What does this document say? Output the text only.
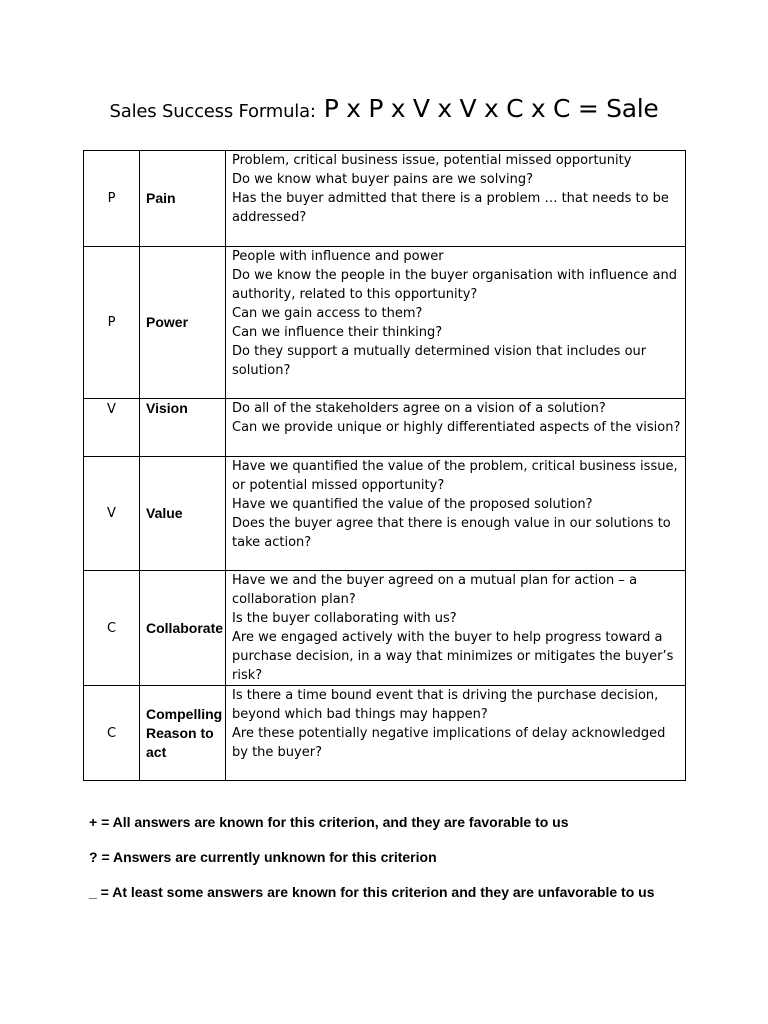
Sales Success Formula: P x P x V x V x C x C = Sale
P	Pain	Problem, critical business issue, potential missed opportunity
Do we know what buyer pains are we solving?
Has the buyer admitted that there is a problem … that needs to be addressed?

P	Power	People with influence and power
Do we know the people in the buyer organisation with influence and authority, related to this opportunity?
Can we gain access to them?
Can we influence their thinking?
Do they support a mutually determined vision that includes our solution?

V	Vision	Do all of the stakeholders agree on a vision of a solution?
Can we provide unique or highly differentiated aspects of the vision?

V	Value	Have we quantified the value of the problem, critical business issue, or potential missed opportunity?
Have we quantified the value of the proposed solution?
Does the buyer agree that there is enough value in our solutions to take action?

C	Collaborate	Have we and the buyer agreed on a mutual plan for action – a collaboration plan?
Is the buyer collaborating with us?
Are we engaged actively with the buyer to help progress toward a purchase decision, in a way that minimizes or mitigates the buyer’s risk?

C	Compelling Reason to act	Is there a time bound event that is driving the purchase decision, beyond which bad things may happen?
Are these potentially negative implications of delay acknowledged by the buyer?
+ = All answers are known for this criterion, and they are favorable to us
? = Answers are currently unknown for this criterion
_ = At least some answers are known for this criterion and they are unfavorable to us
